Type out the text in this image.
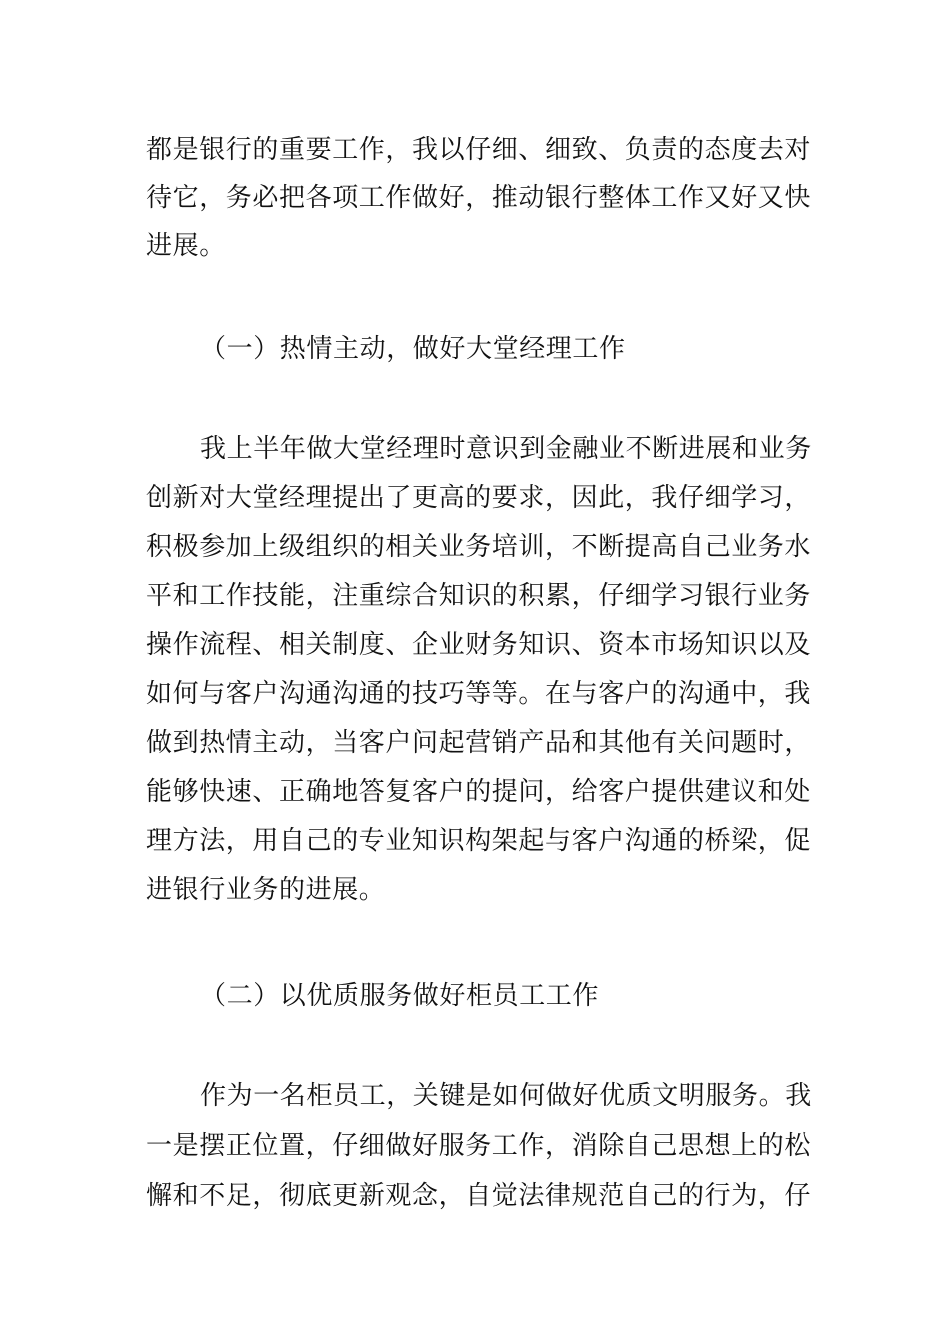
都是银行的重要工作，我以仔细、细致、负责的态度去对

待它，务必把各项工作做好，推动银行整体工作又好又快

进展。

（一）热情主动，做好大堂经理工作

我上半年做大堂经理时意识到金融业不断进展和业务

创新对大堂经理提出了更高的要求，因此，我仔细学习，

积极参加上级组织的相关业务培训，不断提高自己业务水

平和工作技能，注重综合知识的积累，仔细学习银行业务

操作流程、相关制度、企业财务知识、资本市场知识以及

如何与客户沟通沟通的技巧等等。在与客户的沟通中，我

做到热情主动，当客户问起营销产品和其他有关问题时，

能够快速、正确地答复客户的提问，给客户提供建议和处

理方法，用自己的专业知识构架起与客户沟通的桥梁，促

进银行业务的进展。

（二）以优质服务做好柜员工工作

作为一名柜员工，关键是如何做好优质文明服务。我

一是摆正位置，仔细做好服务工作，消除自己思想上的松

懈和不足，彻底更新观念，自觉法律规范自己的行为，仔
